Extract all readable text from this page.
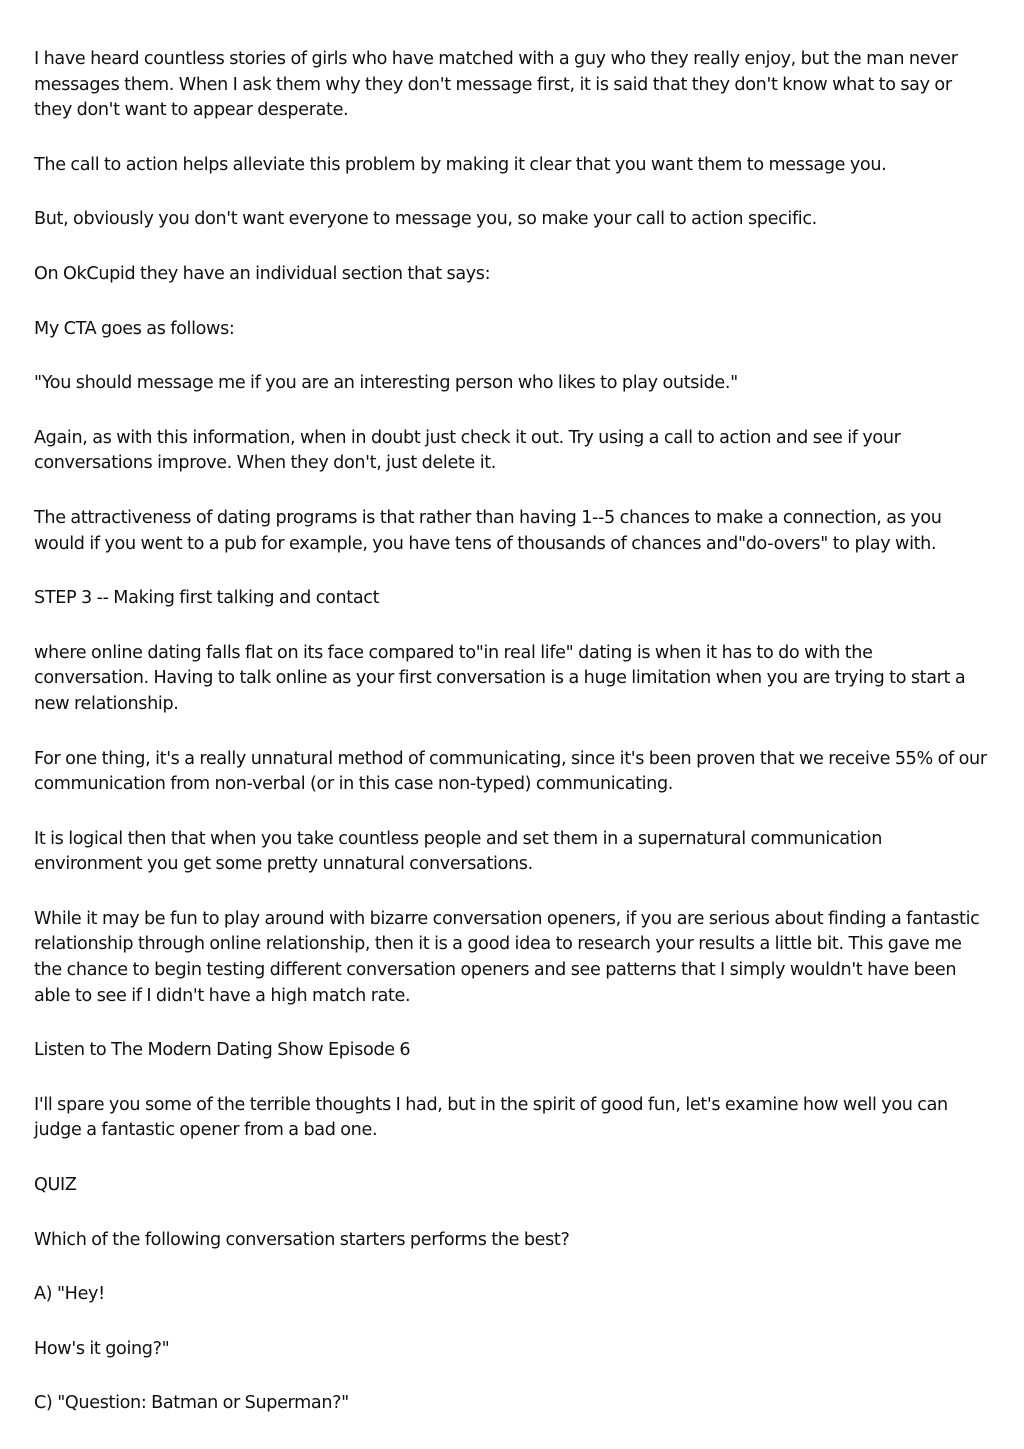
I have heard countless stories of girls who have matched with a guy who they really enjoy, but the man never messages them. When I ask them why they don't message first, it is said that they don't know what to say or they don't want to appear desperate.

The call to action helps alleviate this problem by making it clear that you want them to message you.

But, obviously you don't want everyone to message you, so make your call to action specific.

On OkCupid they have an individual section that says:

My CTA goes as follows:

"You should message me if you are an interesting person who likes to play outside."

Again, as with this information, when in doubt just check it out. Try using a call to action and see if your conversations improve. When they don't, just delete it.

The attractiveness of dating programs is that rather than having 1--5 chances to make a connection, as you would if you went to a pub for example, you have tens of thousands of chances and"do-overs" to play with.

STEP 3 -- Making first talking and contact

where online dating falls flat on its face compared to"in real life" dating is when it has to do with the conversation. Having to talk online as your first conversation is a huge limitation when you are trying to start a new relationship.

For one thing, it's a really unnatural method of communicating, since it's been proven that we receive 55% of our communication from non-verbal (or in this case non-typed) communicating.

It is logical then that when you take countless people and set them in a supernatural communication environment you get some pretty unnatural conversations.

While it may be fun to play around with bizarre conversation openers, if you are serious about finding a fantastic relationship through online relationship, then it is a good idea to research your results a little bit. This gave me the chance to begin testing different conversation openers and see patterns that I simply wouldn't have been able to see if I didn't have a high match rate.

Listen to The Modern Dating Show Episode 6

I'll spare you some of the terrible thoughts I had, but in the spirit of good fun, let's examine how well you can judge a fantastic opener from a bad one.

QUIZ

Which of the following conversation starters performs the best?

A) "Hey!

How's it going?"

C) "Question: Batman or Superman?"
